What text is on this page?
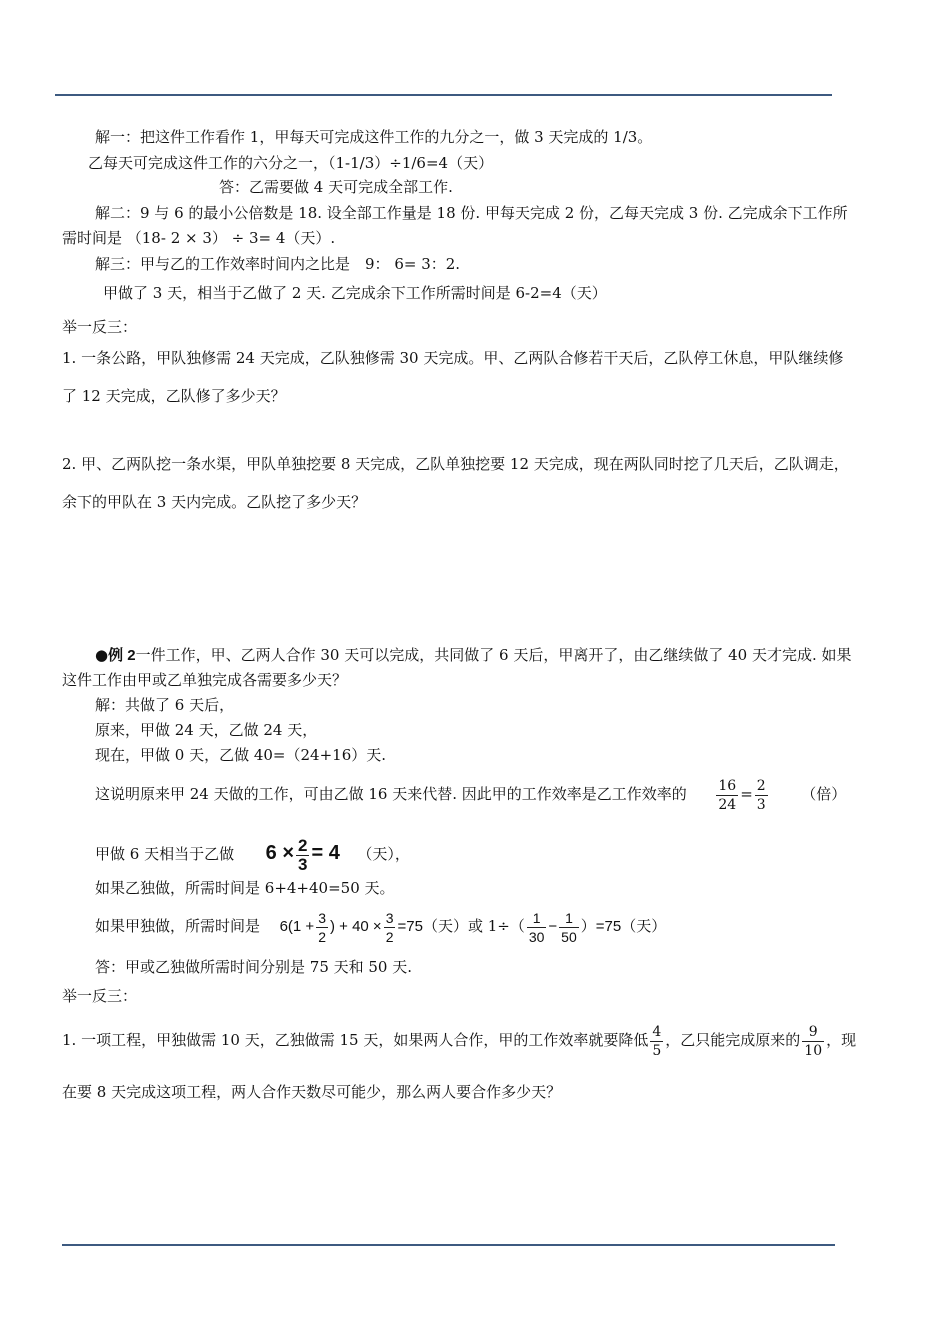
解一：把这件工作看作 1，甲每天可完成这件工作的九分之一，做 3 天完成的 1/3。
乙每天可完成这件工作的六分之一，（1-1/3）÷1/6=4（天）
答：乙需要做 4 天可完成全部工作.
解二：9 与 6 的最小公倍数是 18. 设全部工作量是 18 份. 甲每天完成 2 份，乙每天完成 3 份. 乙完成余下工作所
需时间是 （18- 2 × 3） ÷ 3= 4（天）.
解三：甲与乙的工作效率时间内之比是　9： 6= 3：2.
甲做了 3 天，相当于乙做了 2 天. 乙完成余下工作所需时间是 6-2=4（天）
举一反三：
1. 一条公路，甲队独修需 24 天完成，乙队独修需 30 天完成。甲、乙两队合修若干天后，乙队停工休息，甲队继续修
了 12 天完成，乙队修了多少天？
2. 甲、乙两队挖一条水渠，甲队单独挖要 8 天完成，乙队单独挖要 12 天完成，现在两队同时挖了几天后，乙队调走，
余下的甲队在 3 天内完成。乙队挖了多少天？
●例 2一件工作，甲、乙两人合作 30 天可以完成，共同做了 6 天后，甲离开了，由乙继续做了 40 天才完成. 如果
这件工作由甲或乙单独完成各需要多少天？
解：共做了 6 天后，
原来，甲做 24 天，乙做 24 天，
现在，甲做 0 天，乙做 40=（24+16）天.
这说明原来甲 24 天做的工作，可由乙做 16 天来代替. 因此甲的工作效率是乙工作效率的 $\frac{16}{24} = \frac{2}{3}$ （倍）
甲做 6 天相当于乙做 $6 \times \frac{2}{3} = 4$ （天），
如果乙独做，所需时间是 6+4+40=50 天。
如果甲独做，所需时间是 $6(1 + \frac{3}{2}$ ) + $40 \times \frac{3}{2} =75$（天）或 $1\div( \frac{1}{30} - \frac{1}{50} )=75$（天）
答：甲或乙独做所需时间分别是 75 天和 50 天.
举一反三：
1. 一项工程，甲独做需 10 天，乙独做需 15 天，如果两人合作，甲的工作效率就要降低 $\frac{4}{5}$ ，乙只能完成原来的 $\frac{9}{10}$ ，现
在要 8 天完成这项工程，两人合作天数尽可能少，那么两人要合作多少天？
